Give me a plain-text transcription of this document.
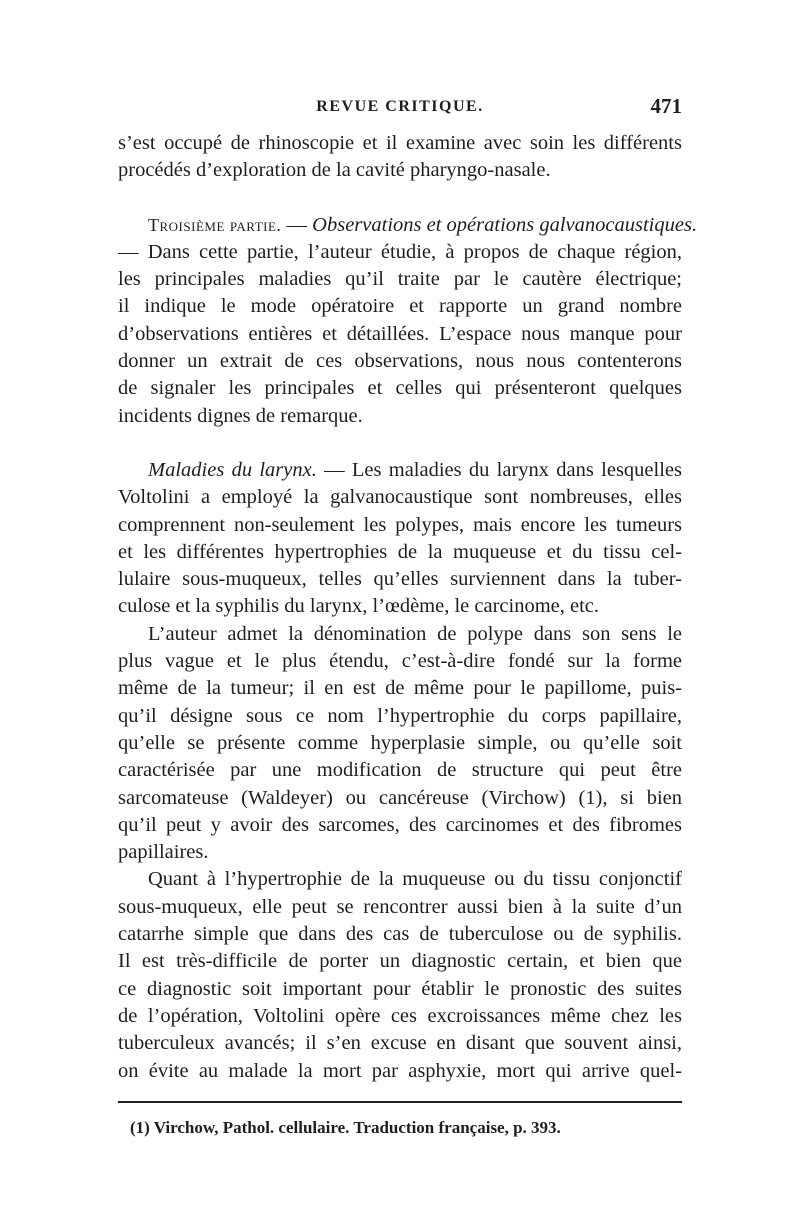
REVUE CRITIQUE.	471
s’est occupé de rhinoscopie et il examine avec soin les différents
procédés d’exploration de la cavité pharyngo-nasale.
Troisième partie. — Observations et opérations galvanocaustiques.
— Dans cette partie, l’auteur étudie, à propos de chaque région,
les principales maladies qu’il traite par le cautère électrique;
il indique le mode opératoire et rapporte un grand nombre
d’observations entières et détaillées. L’espace nous manque pour
donner un extrait de ces observations, nous nous contenterons
de signaler les principales et celles qui présenteront quelques
incidents dignes de remarque.
Maladies du larynx. — Les maladies du larynx dans lesquelles
Voltolini a employé la galvanocaustique sont nombreuses, elles
comprennent non-seulement les polypes, mais encore les tumeurs
et les différentes hypertrophies de la muqueuse et du tissu cel-
lulaire sous-muqueux, telles qu’elles surviennent dans la tuber-
culose et la syphilis du larynx, l’œdème, le carcinome, etc.
L’auteur admet la dénomination de polype dans son sens le
plus vague et le plus étendu, c’est-à-dire fondé sur la forme
même de la tumeur; il en est de même pour le papillome, puis-
qu’il désigne sous ce nom l’hypertrophie du corps papillaire,
qu’elle se présente comme hyperplasie simple, ou qu’elle soit
caractérisée par une modification de structure qui peut être
sarcomateuse (Waldeyer) ou cancéreuse (Virchow) (1), si bien
qu’il peut y avoir des sarcomes, des carcinomes et des fibromes
papillaires.
Quant à l’hypertrophie de la muqueuse ou du tissu conjonctif
sous-muqueux, elle peut se rencontrer aussi bien à la suite d’un
catarrhe simple que dans des cas de tuberculose ou de syphilis.
Il est très-difficile de porter un diagnostic certain, et bien que
ce diagnostic soit important pour établir le pronostic des suites
de l’opération, Voltolini opère ces excroissances même chez les
tuberculeux avancés; il s’en excuse en disant que souvent ainsi,
on évite au malade la mort par asphyxie, mort qui arrive quel-
(1) Virchow, Pathol. cellulaire. Traduction française, p. 393.
